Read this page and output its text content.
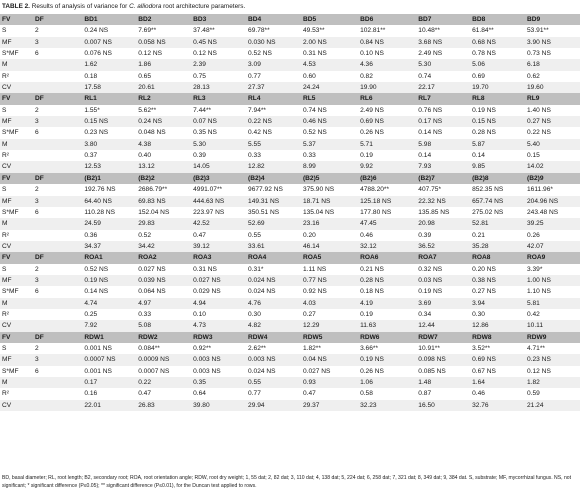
TABLE 2. Results of analysis of variance for C. alliodora root architecture parameters.
FV	DF	BD1	BD2	BD3	BD4	BD5	BD6	BD7	BD8	BD9
S	2	0.24 NS	7.69**	37.48**	69.78**	49.53**	102.81**	10.48**	61.84**	53.91**
MF	3	0.007 NS	0.058 NS	0.45 NS	0.030 NS	2.00 NS	0.84 NS	3.68 NS	0.68 NS	3.90 NS
S*MF	6	0.076 NS	0.12 NS	0.12 NS	0.52 NS	0.31 NS	0.10 NS	2.49 NS	0.78 NS	0.73 NS
M		1.62	1.86	2.39	3.09	4.53	4.36	5.30	5.06	6.18
R²		0.18	0.65	0.75	0.77	0.60	0.82	0.74	0.69	0.62
CV		17.58	20.61	28.13	27.37	24.24	19.90	22.17	19.70	19.60
FV	DF	RL1	RL2	RL3	RL4	RL5	RL6	RL7	RL8	RL9
S	2	1.55*	5.62**	7.44**	7.94**	0.74 NS	2.49 NS	0.76 NS	0.19 NS	1.40 NS
MF	3	0.15 NS	0.24 NS	0.07 NS	0.22 NS	0.46 NS	0.69 NS	0.17 NS	0.15 NS	0.27 NS
S*MF	6	0.23 NS	0.048 NS	0.35 NS	0.42 NS	0.52 NS	0.26 NS	0.14 NS	0.28 NS	0.22 NS
M		3.80	4.38	5.30	5.55	5.37	5.71	5.98	5.87	5.40
R²		0.37	0.40	0.39	0.33	0.33	0.19	0.14	0.14	0.15
CV		12.53	13.12	14.05	12.82	8.99	9.92	7.93	9.85	14.02
FV	DF	(B2)1	(B2)2	(B2)3	(B2)4	(B2)5	(B2)6	(B2)7	(B2)8	(B2)9
S	2	192.76 NS	2686.79**	4991.07**	9677.92 NS	375.90 NS	4788.20**	407.75*	852.35 NS	1611.96*
MF	3	64.40 NS	69.83 NS	444.63 NS	149.31 NS	18.71 NS	125.18 NS	22.32 NS	657.74 NS	204.96 NS
S*MF	6	110.28 NS	152.04 NS	223.97 NS	350.51 NS	135.04 NS	177.80 NS	135.85 NS	275.02 NS	243.48 NS
M		24.59	29.83	42.52	52.69	23.16	47.45	20.98	52.81	39.25
R²		0.36	0.52	0.47	0.55	0.20	0.46	0.39	0.21	0.26
CV		34.37	34.42	39.12	33.61	46.14	32.12	36.52	35.28	42.07
FV	DF	ROA1	ROA2	ROA3	ROA4	ROA5	ROA6	ROA7	ROA8	ROA9
S	2	0.52 NS	0.027 NS	0.31 NS	0.31*	1.11 NS	0.21 NS	0.32 NS	0.20 NS	3.39*
MF	3	0.19 NS	0.039 NS	0.027 NS	0.024 NS	0.77 NS	0.28 NS	0.03 NS	0.38 NS	1.00 NS
S*MF	6	0.14 NS	0.064 NS	0.029 NS	0.024 NS	0.92 NS	0.18 NS	0.19 NS	0.27 NS	1.10 NS
M		4.74	4.97	4.94	4.76	4.03	4.19	3.69	3.94	5.81
R²		0.25	0.33	0.10	0.30	0.27	0.19	0.34	0.30	0.42
CV		7.92	5.08	4.73	4.82	12.29	11.63	12.44	12.86	10.11
FV	DF	RDW1	RDW2	RDW3	RDW4	RDW5	RDW6	RDW7	RDW8	RDW9
S	2	0.001 NS	0.084**	0.92**	2.62**	1.82**	3.66**	10.91**	3.52**	4.71**
MF	3	0.0007 NS	0.0009 NS	0.003 NS	0.003 NS	0.04 NS	0.19 NS	0.098 NS	0.69 NS	0.23 NS
S*MF	6	0.001 NS	0.0007 NS	0.003 NS	0.024 NS	0.027 NS	0.26 NS	0.085 NS	0.67 NS	0.12 NS
M		0.17	0.22	0.35	0.55	0.93	1.06	1.48	1.64	1.82
R²		0.16	0.47	0.64	0.77	0.47	0.58	0.87	0.46	0.59
CV		22.01	26.83	39.80	29.94	29.37	32.23	16.50	32.76	21.24
BD, basal diameter; RL, root length; B2, secondary root; ROA, root orientation angle; RDW, root dry weight; 1, 55 dat; 2, 82 dat; 3, 110 dat; 4, 138 dat; 5, 224 dat; 6, 258 dat; 7, 321 dat; 8, 349 dat; 9, 384 dat. S, substrate; MF, mycorrhizal fungus. NS, not significant; * significant difference (P≤0.05); ** significant difference (P≤0.01), for the Duncan test applied to rows.
